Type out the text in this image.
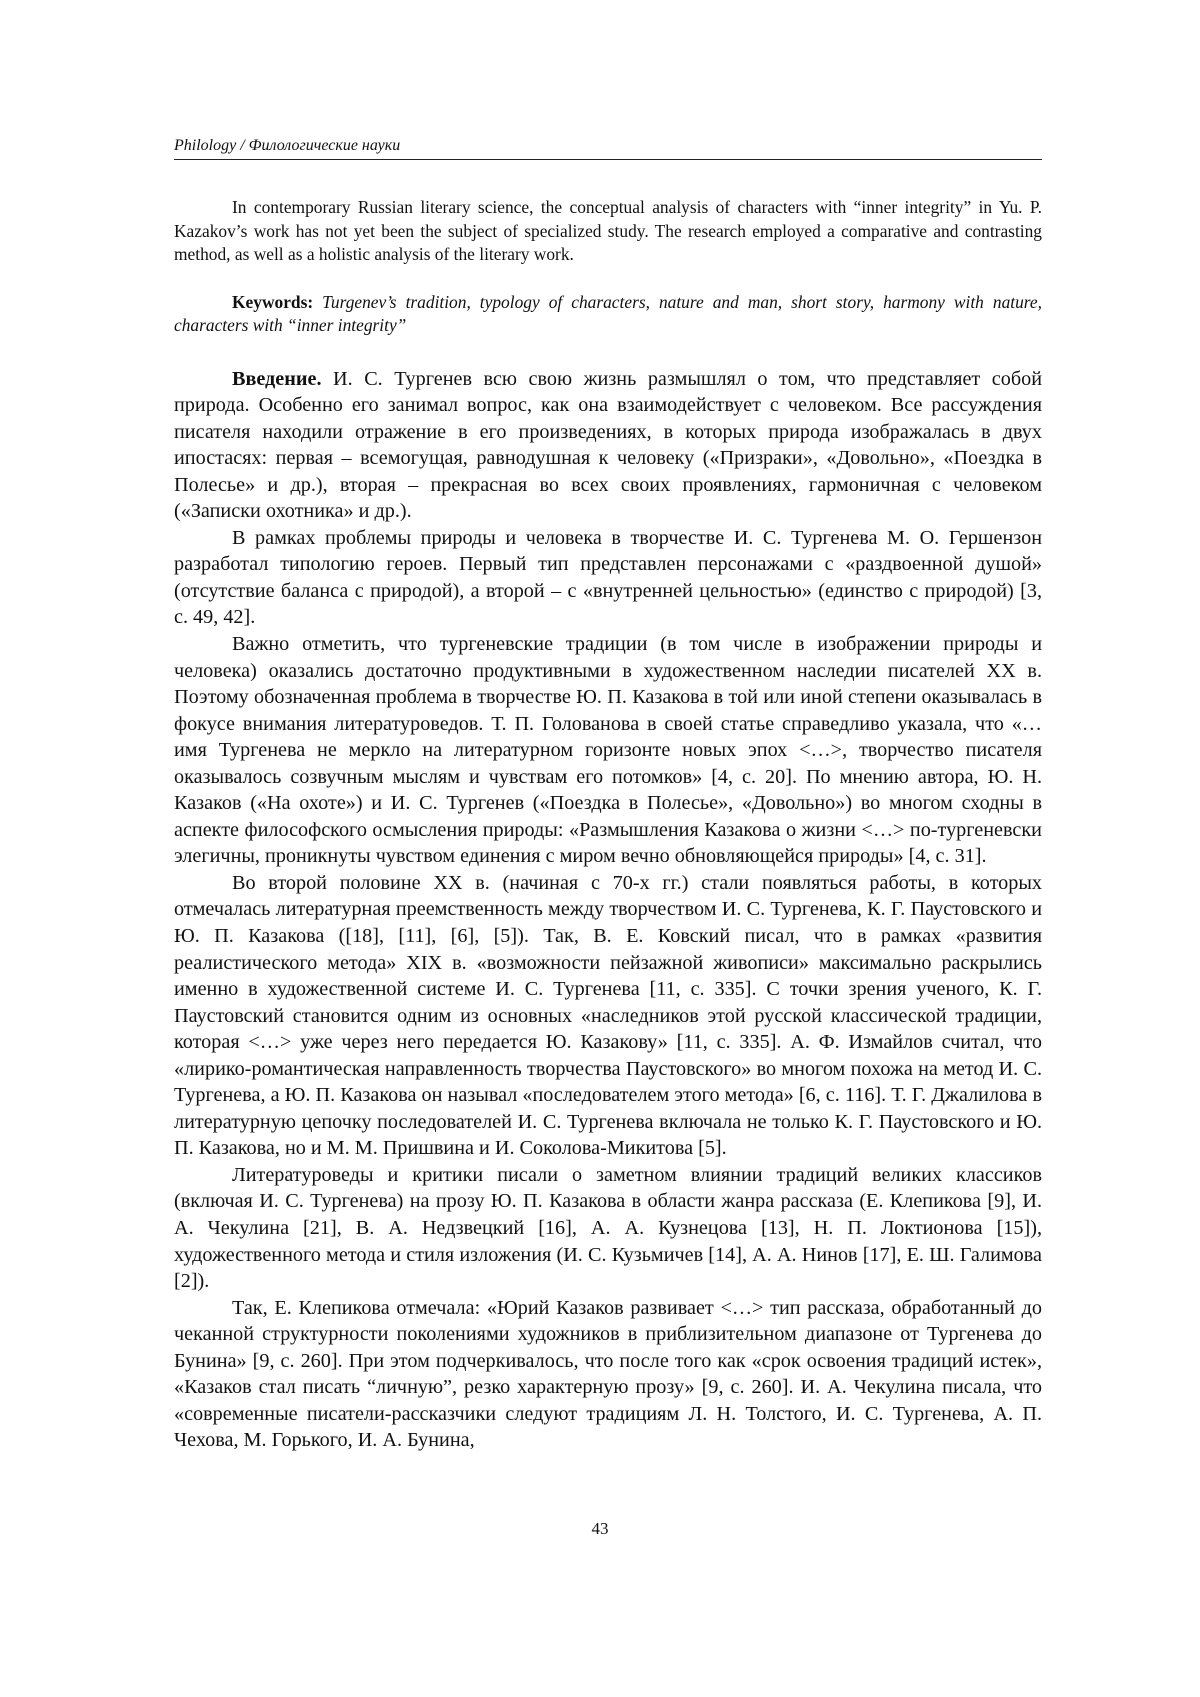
Philology / Филологические науки
In contemporary Russian literary science, the conceptual analysis of characters with “inner integrity” in Yu. P. Kazakov’s work has not yet been the subject of specialized study. The research employed a comparative and contrasting method, as well as a holistic analysis of the literary work.
Keywords: Turgenev’s tradition, typology of characters, nature and man, short story, harmony with nature, characters with “inner integrity”

Введение. И. С. Тургенев всю свою жизнь размышлял о том, что представляет собой природа. Особенно его занимал вопрос, как она взаимодействует с человеком. Все рассуждения писателя находили отражение в его произведениях, в которых природа изображалась в двух ипостасях: первая – всемогущая, равнодушная к человеку («Призраки», «Довольно», «Поездка в Полесье» и др.), вторая – прекрасная во всех своих проявлениях, гармоничная с человеком («Записки охотника» и др.).

В рамках проблемы природы и человека в творчестве И. С. Тургенева М. О. Гершензон разработал типологию героев. Первый тип представлен персонажами с «раздвоенной душой» (отсутствие баланса с природой), а второй – с «внутренней цельностью» (единство с природой) [3, с. 49, 42].

Важно отметить, что тургеневские традиции (в том числе в изображении природы и человека) оказались достаточно продуктивными в художественном наследии писателей ХХ в. Поэтому обозначенная проблема в творчестве Ю. П. Казакова в той или иной степени оказывалась в фокусе внимания литературоведов. Т. П. Голованова в своей статье справедливо указала, что «… имя Тургенева не меркло на литературном горизонте новых эпох <…>, творчество писателя оказывалось созвучным мыслям и чувствам его потомков» [4, с. 20]. По мнению автора, Ю. Н. Казаков («На охоте») и И. С. Тургенев («Поездка в Полесье», «Довольно») во многом сходны в аспекте философского осмысления природы: «Размышления Казакова о жизни <…> по-тургеневски элегичны, проникнуты чувством единения с миром вечно обновляющейся природы» [4, с. 31].

Во второй половине ХХ в. (начиная с 70-х гг.) стали появляться работы, в которых отмечалась литературная преемственность между творчеством И. С. Тургенева, К. Г. Паустовского и Ю. П. Казакова ([18], [11], [6], [5]). Так, В. Е. Ковский писал, что в рамках «развития реалистического метода» XIX в. «возможности пейзажной живописи» максимально раскрылись именно в художественной системе И. С. Тургенева [11, с. 335]. С точки зрения ученого, К. Г. Паустовский становится одним из основных «наследников этой русской классической традиции, которая <…> уже через него передается Ю. Казакову» [11, с. 335]. А. Ф. Измайлов считал, что «лирико-романтическая направленность творчества Паустовского» во многом похожа на метод И. С. Тургенева, а Ю. П. Казакова он называл «последователем этого метода» [6, с. 116]. Т. Г. Джалилова в литературную цепочку последователей И. С. Тургенева включала не только К. Г. Паустовского и Ю. П. Казакова, но и М. М. Пришвина и И. Соколова-Микитова [5].

Литературоведы и критики писали о заметном влиянии традиций великих классиков (включая И. С. Тургенева) на прозу Ю. П. Казакова в области жанра рассказа (Е. Клепикова [9], И. А. Чекулина [21], В. А. Недзвецкий [16], А. А. Кузнецова [13], Н. П. Локтионова [15]), художественного метода и стиля изложения (И. С. Кузьмичев [14], А. А. Нинов [17], Е. Ш. Галимова [2]).

Так, Е. Клепикова отмечала: «Юрий Казаков развивает <…> тип рассказа, обработанный до чеканной структурности поколениями художников в приблизительном диапазоне от Тургенева до Бунина» [9, с. 260]. При этом подчеркивалось, что после того как «срок освоения традиций истек», «Казаков стал писать “личную”, резко характерную прозу» [9, с. 260]. И. А. Чекулина писала, что «современные писатели-рассказчики следуют традициям Л. Н. Толстого, И. С. Тургенева, А. П. Чехова, М. Горького, И. А. Бунина,

43
